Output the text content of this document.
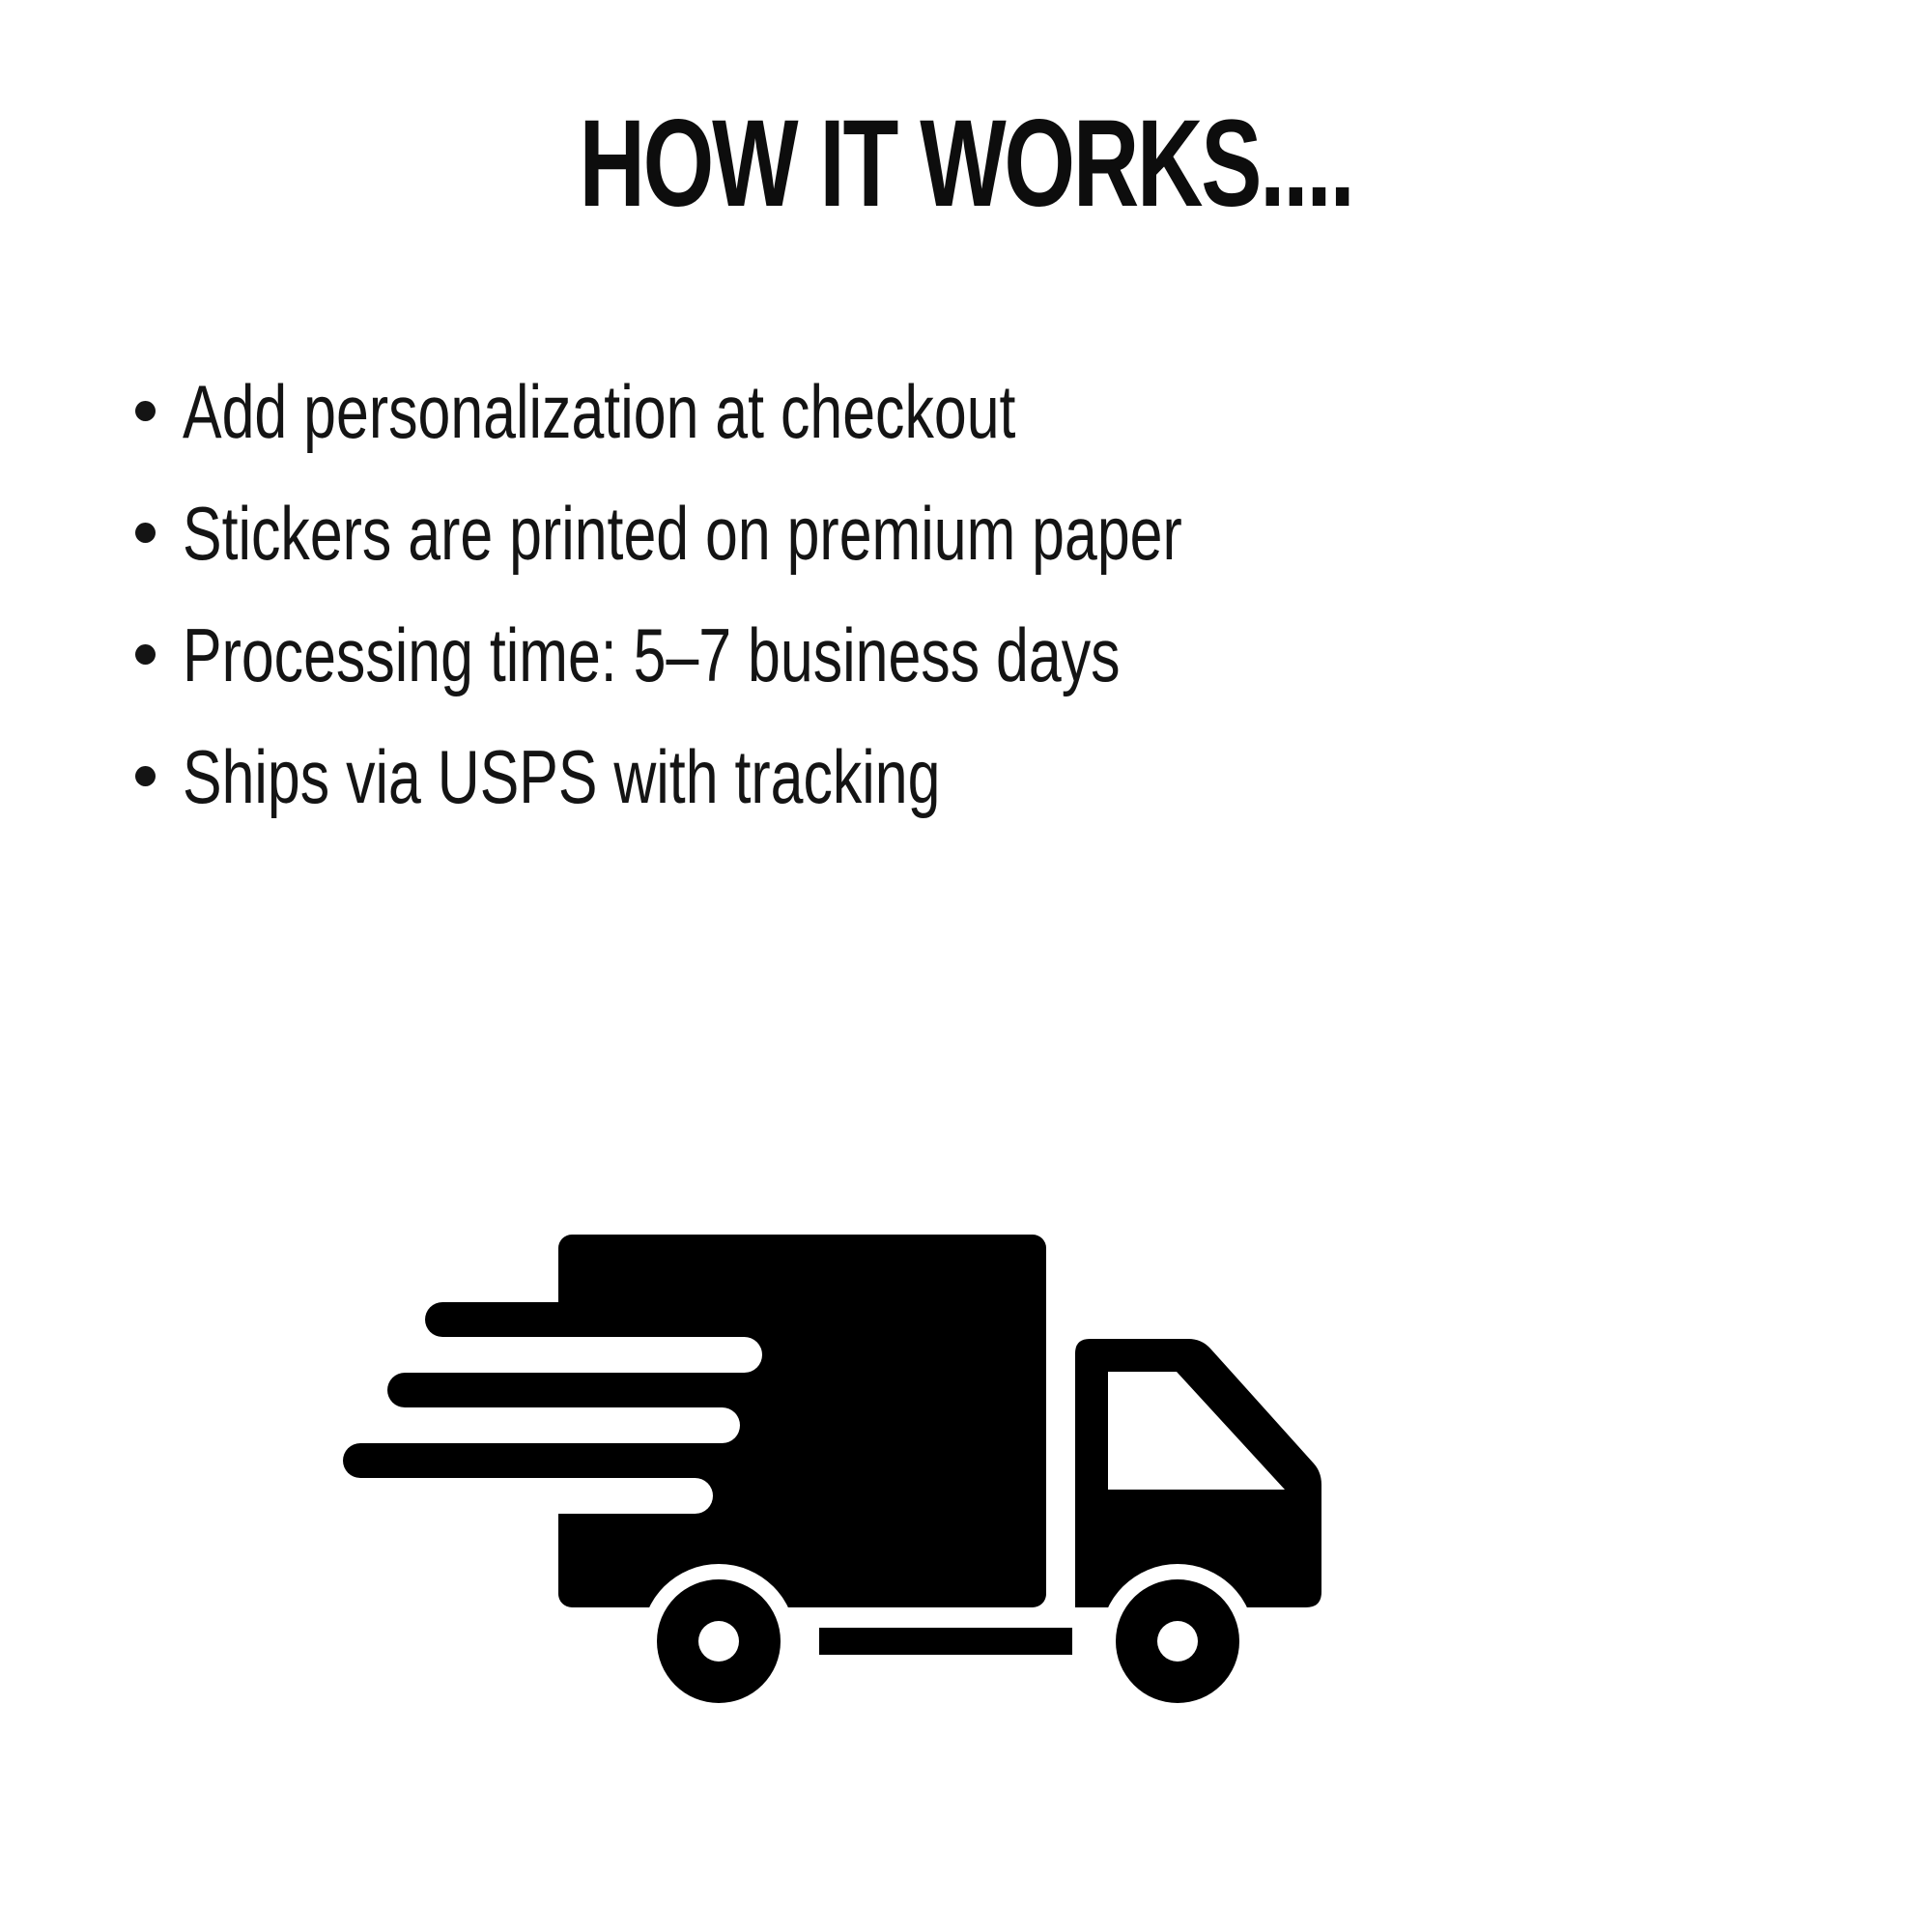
HOW IT WORKS....
Add personalization at checkout
Stickers are printed on premium paper
Processing time: 5–7 business days
Ships via USPS with tracking
